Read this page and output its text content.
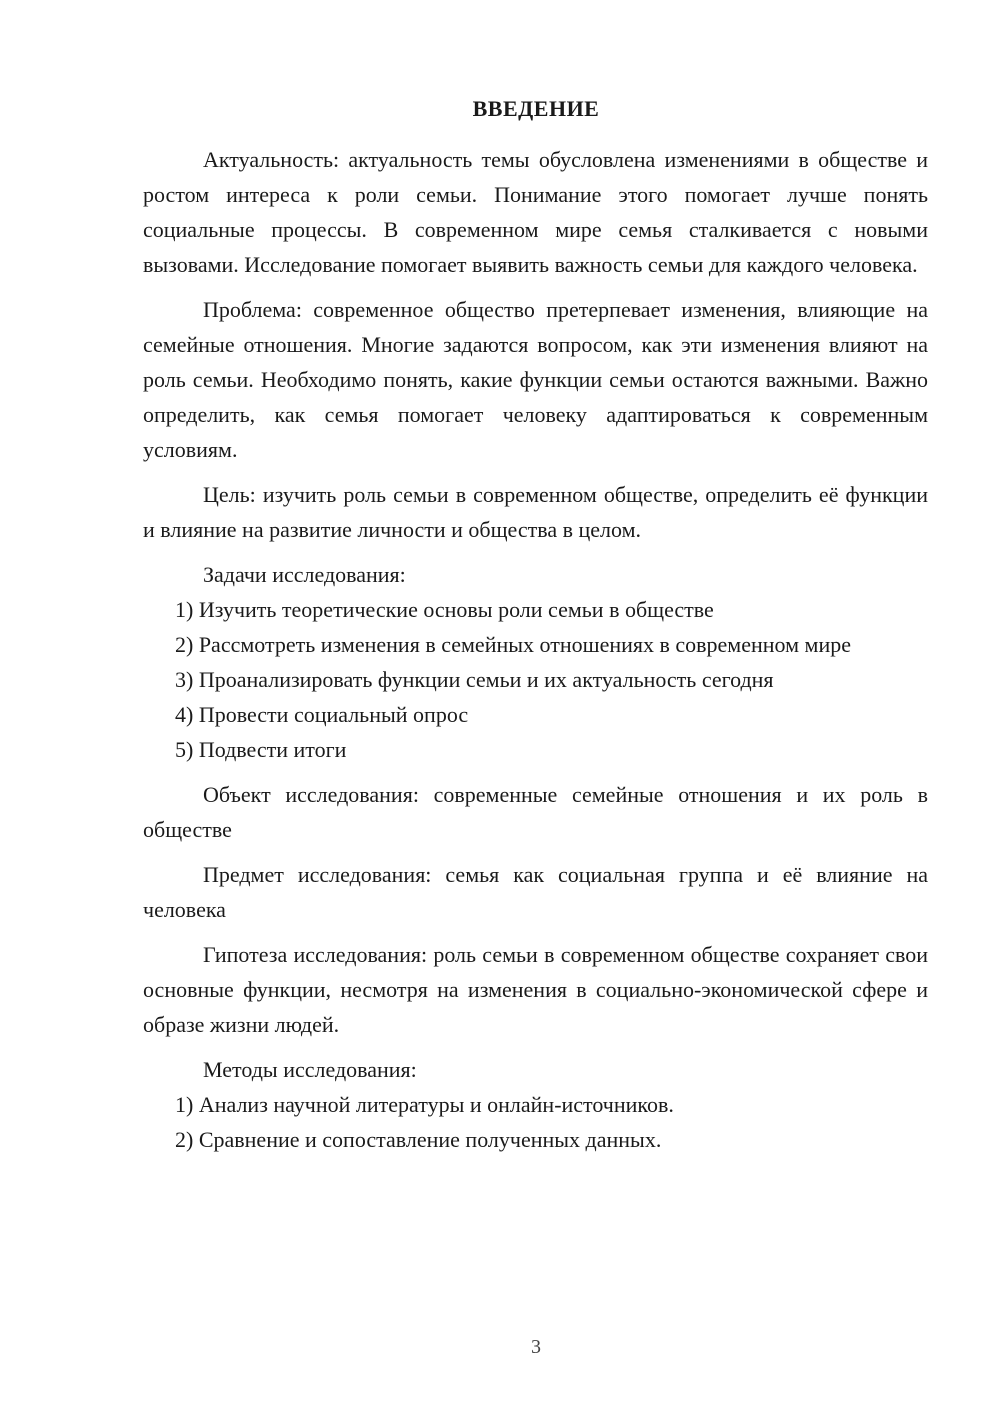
ВВЕДЕНИЕ

Актуальность: актуальность темы обусловлена изменениями в обществе и ростом интереса к роли семьи. Понимание этого помогает лучше понять социальные процессы. В современном мире семья сталкивается с новыми вызовами. Исследование помогает выявить важность семьи для каждого человека.

Проблема: современное общество претерпевает изменения, влияющие на семейные отношения. Многие задаются вопросом, как эти изменения влияют на роль семьи. Необходимо понять, какие функции семьи остаются важными. Важно определить, как семья помогает человеку адаптироваться к современным условиям.

Цель: изучить роль семьи в современном обществе, определить её функции и влияние на развитие личности и общества в целом.

Задачи исследования:

1) Изучить теоретические основы роли семьи в обществе

2) Рассмотреть изменения в семейных отношениях в современном мире

3) Проанализировать функции семьи и их актуальность сегодня

4) Провести социальный опрос

5) Подвести итоги

Объект исследования: современные семейные отношения и их роль в обществе

Предмет исследования: семья как социальная группа и её влияние на человека

Гипотеза исследования: роль семьи в современном обществе сохраняет свои основные функции, несмотря на изменения в социально-экономической сфере и образе жизни людей.

Методы исследования:

1) Анализ научной литературы и онлайн-источников.

2) Сравнение и сопоставление полученных данных.

3
